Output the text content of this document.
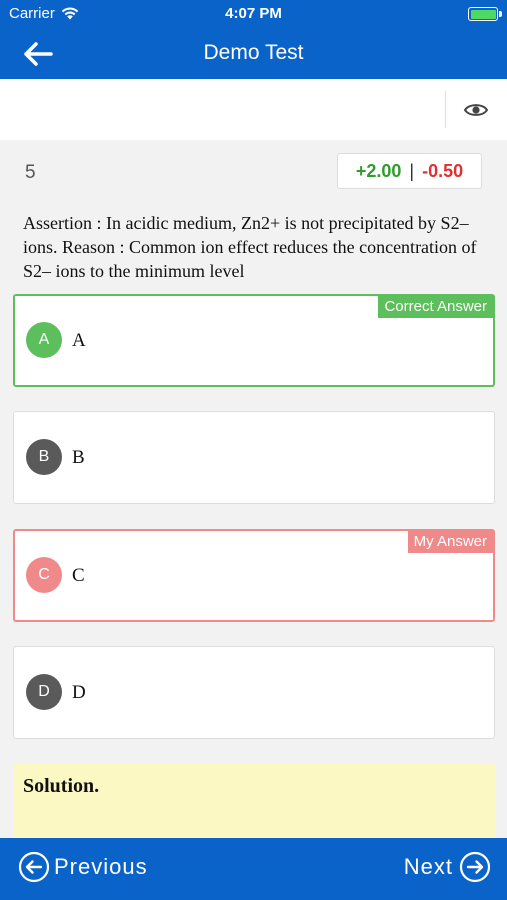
Carrier	4:07 PM
Demo Test
5	+2.00 | -0.50
Assertion : In acidic medium, Zn2+ is not precipitated by S2– ions. Reason : Common ion effect reduces the concentration of S2– ions to the minimum level
Correct Answer
A	A
B	B
My Answer
C	C
D	D
Solution.
Previous	Next
